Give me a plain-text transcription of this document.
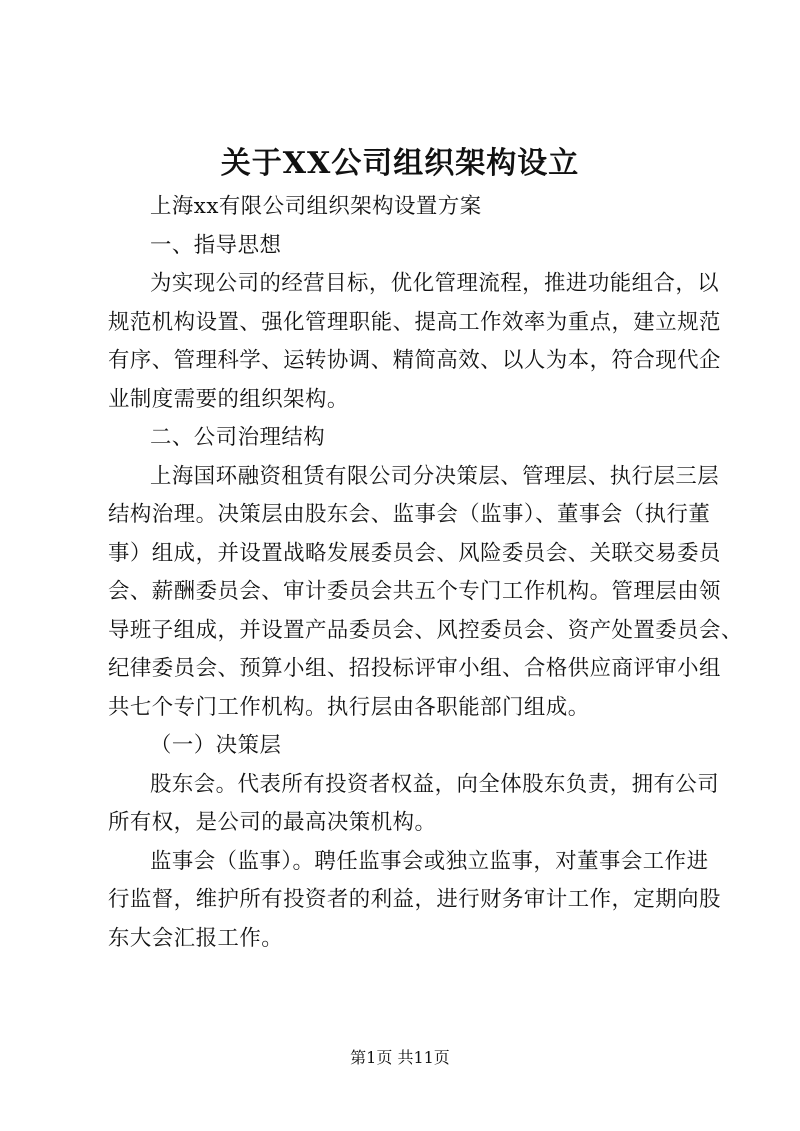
关于XX公司组织架构设立
上海xx有限公司组织架构设置方案
一、指导思想
为实现公司的经营目标，优化管理流程，推进功能组合，以
规范机构设置、强化管理职能、提高工作效率为重点，建立规范
有序、管理科学、运转协调、精简高效、以人为本，符合现代企
业制度需要的组织架构。
二、公司治理结构
上海国环融资租赁有限公司分决策层、管理层、执行层三层
结构治理。决策层由股东会、监事会（监事）、董事会（执行董
事）组成，并设置战略发展委员会、风险委员会、关联交易委员
会、薪酬委员会、审计委员会共五个专门工作机构。管理层由领
导班子组成，并设置产品委员会、风控委员会、资产处置委员会、
纪律委员会、预算小组、招投标评审小组、合格供应商评审小组
共七个专门工作机构。执行层由各职能部门组成。
（一）决策层
股东会。代表所有投资者权益，向全体股东负责，拥有公司
所有权，是公司的最高决策机构。
监事会（监事）。聘任监事会或独立监事，对董事会工作进
行监督，维护所有投资者的利益，进行财务审计工作，定期向股
东大会汇报工作。
第1页 共11页
